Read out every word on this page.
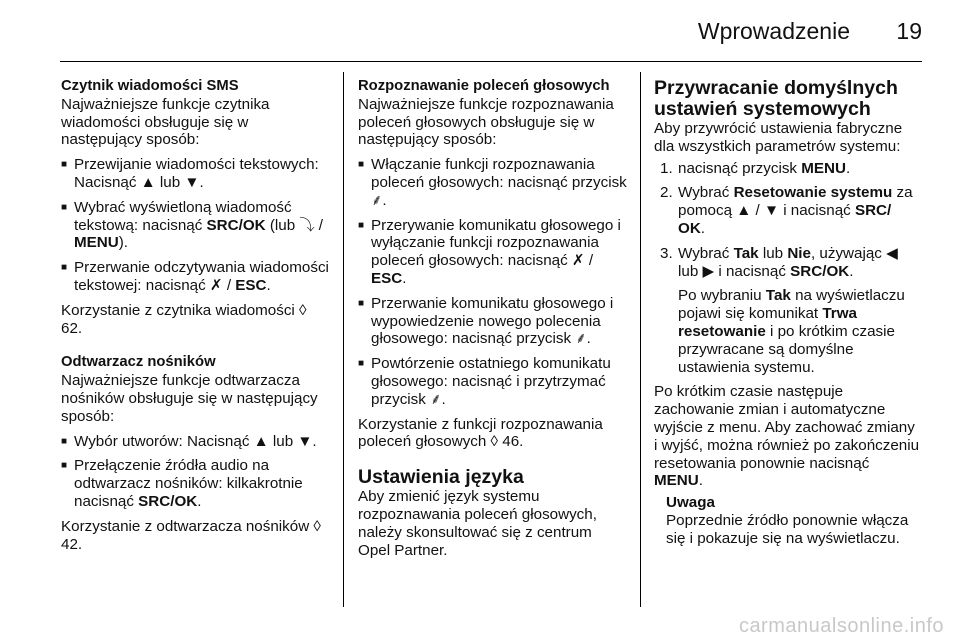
Wprowadzenie 19

Czytnik wiadomości SMS

Najważniejsze funkcje czytnika wiadomości obsługuje się w następujący sposób:

■ Przewijanie wiadomości tekstowych: Nacisnąć ▲ lub ▼.
■ Wybrać wyświetloną wiadomość tekstową: nacisnąć SRC/OK (lub ⤵ / MENU).
■ Przerwanie odczytywania wiadomości tekstowej: nacisnąć ✗ / ESC.

Korzystanie z czytnika wiadomości ◊ 62.

Odtwarzacz nośników

Najważniejsze funkcje odtwarzacza nośników obsługuje się w następujący sposób:

■ Wybór utworów: Nacisnąć ▲ lub ▼.
■ Przełączenie źródła audio na odtwarzacz nośników: kilkakrotnie nacisnąć SRC/OK.

Korzystanie z odtwarzacza nośników ◊ 42.

Rozpoznawanie poleceń głosowych

Najważniejsze funkcje rozpoznawania poleceń głosowych obsługuje się w następujący sposób:

■ Włączanie funkcji rozpoznawania poleceń głosowych: nacisnąć przycisk ⸙.
■ Przerywanie komunikatu głosowego i wyłączanie funkcji rozpoznawania poleceń głosowych: nacisnąć ✗ / ESC.
■ Przerwanie komunikatu głosowego i wypowiedzenie nowego polecenia głosowego: nacisnąć przycisk ⸙.
■ Powtórzenie ostatniego komunikatu głosowego: nacisnąć i przytrzymać przycisk ⸙.

Korzystanie z funkcji rozpoznawania poleceń głosowych ◊ 46.

Ustawienia języka

Aby zmienić język systemu rozpoznawania poleceń głosowych, należy skonsultować się z centrum Opel Partner.

Przywracanie domyślnych ustawień systemowych

Aby przywrócić ustawienia fabryczne dla wszystkich parametrów systemu:

1. nacisnąć przycisk MENU.
2. Wybrać Resetowanie systemu za pomocą ▲ / ▼ i nacisnąć SRC/ OK.
3. Wybrać Tak lub Nie, używając ◀ lub ▶ i nacisnąć SRC/OK.

Po wybraniu Tak na wyświetlaczu pojawi się komunikat Trwa resetowanie i po krótkim czasie przywracane są domyślne ustawienia systemu.

Po krótkim czasie następuje zachowanie zmian i automatyczne wyjście z menu. Aby zachować zmiany i wyjść, można również po zakończeniu resetowania ponownie nacisnąć MENU.

Uwaga

Poprzednie źródło ponownie włącza się i pokazuje się na wyświetlaczu.

carmanualsonline.info
